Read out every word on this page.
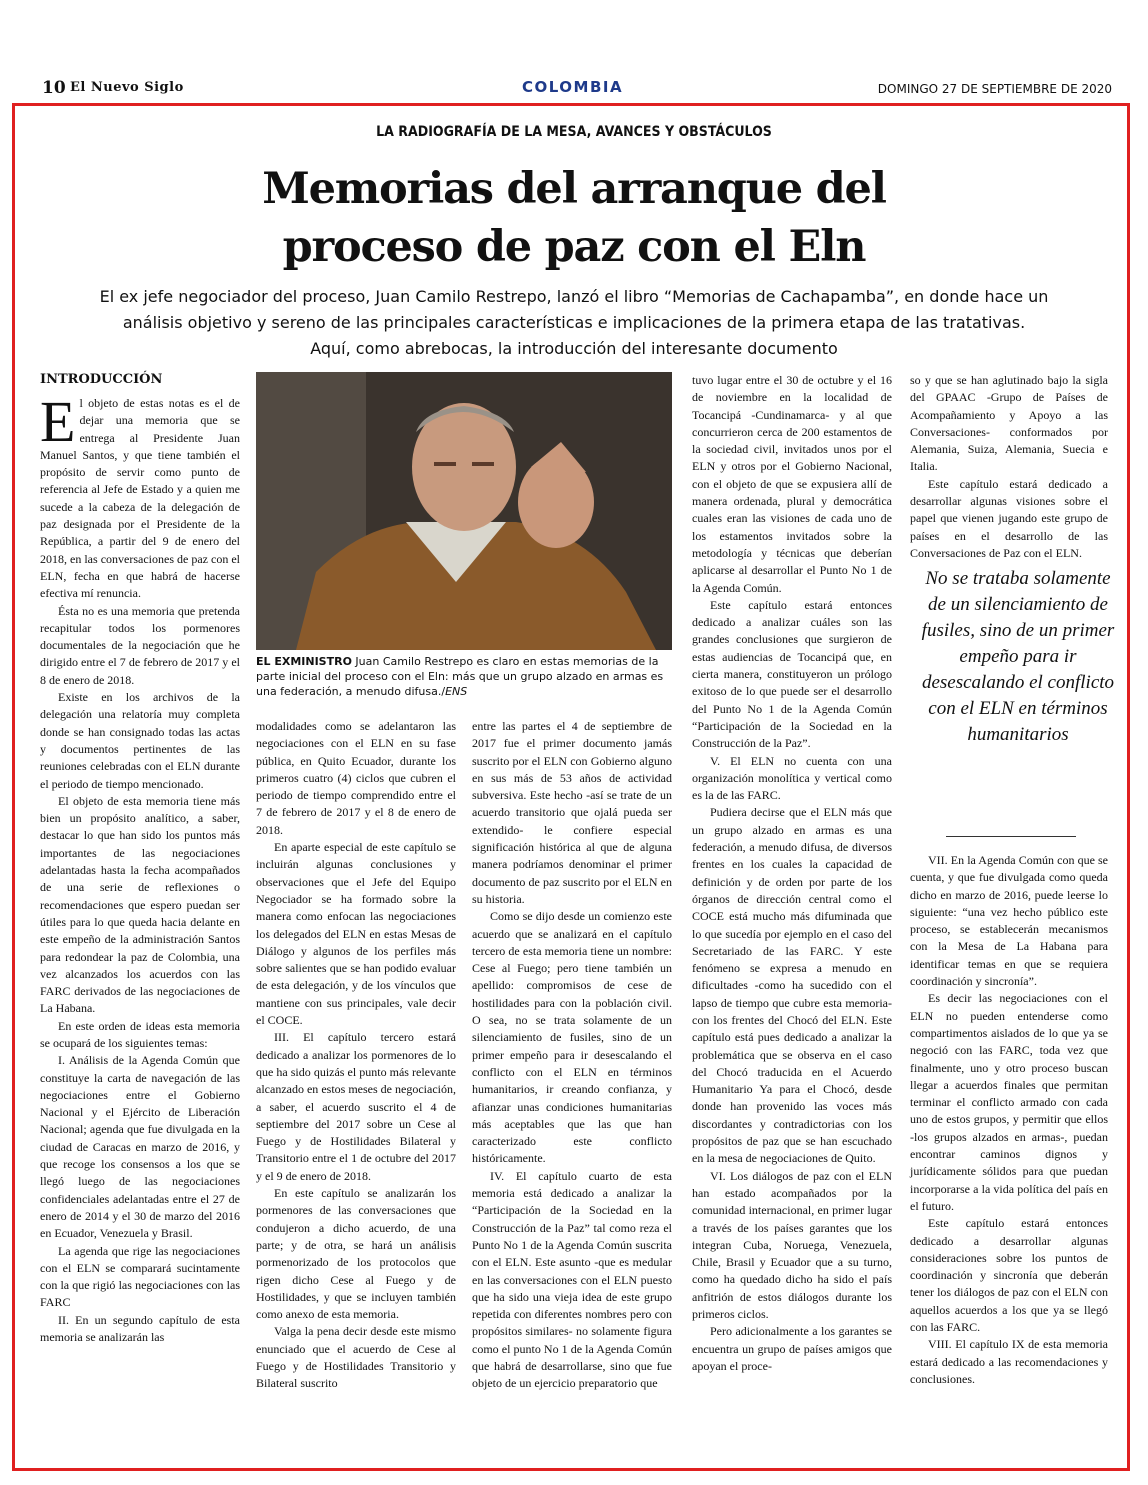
10 El Nuevo Siglo	COLOMBIA	DOMINGO 27 DE SEPTIEMBRE DE 2020
LA RADIOGRAFÍA DE LA MESA, AVANCES Y OBSTÁCULOS
Memorias del arranque del
proceso de paz con el Eln
El ex jefe negociador del proceso, Juan Camilo Restrepo, lanzó el libro “Memorias de Cachapamba”, en donde hace un
análisis objetivo y sereno de las principales características e implicaciones de la primera etapa de las tratativas.
Aquí, como abrebocas, la introducción del interesante documento
INTRODUCCIÓN

El objeto de estas notas es el de dejar una memoria que se entrega al Presidente Juan Manuel Santos, y que tiene también el propósito de servir como punto de referencia al Jefe de Estado y a quien me sucede a la cabeza de la delegación de paz designada por el Presidente de la República, a partir del 9 de enero del 2018, en las conversaciones de paz con el ELN, fecha en que habrá de hacerse efectiva mí renuncia.

Ésta no es una memoria que pretenda recapitular todos los pormenores documentales de la negociación que he dirigido entre el 7 de febrero de 2017 y el 8 de enero de 2018.

Existe en los archivos de la delegación una relatoría muy completa donde se han consignado todas las actas y documentos pertinentes de las reuniones celebradas con el ELN durante el periodo de tiempo mencionado.

El objeto de esta memoria tiene más bien un propósito analítico, a saber, destacar lo que han sido los puntos más importantes de las negociaciones adelantadas hasta la fecha acompañados de una serie de reflexiones o recomendaciones que espero puedan ser útiles para lo que queda hacia delante en este empeño de la administración Santos para redondear la paz de Colombia, una vez alcanzados los acuerdos con las FARC derivados de las negociaciones de La Habana.

En este orden de ideas esta memoria se ocupará de los siguientes temas:

I. Análisis de la Agenda Común que constituye la carta de navegación de las negociaciones entre el Gobierno Nacional y el Ejército de Liberación Nacional; agenda que fue divulgada en la ciudad de Caracas en marzo de 2016, y que recoge los consensos a los que se llegó luego de las negociaciones confidenciales adelantadas entre el 27 de enero de 2014 y el 30 de marzo del 2016 en Ecuador, Venezuela y Brasil.

La agenda que rige las negociaciones con el ELN se comparará sucintamente con la que rigió las negociaciones con las FARC

II. En un segundo capítulo de esta memoria se analizarán las

EL EXMINISTRO Juan Camilo Restrepo es claro en estas memorias de la parte inicial del proceso con el Eln: más que un grupo alzado en armas es una federación, a menudo difusa./ENS

modalidades como se adelantaron las negociaciones con el ELN en su fase pública, en Quito Ecuador, durante los primeros cuatro (4) ciclos que cubren el periodo de tiempo comprendido entre el 7 de febrero de 2017 y el 8 de enero de 2018.

En aparte especial de este capítulo se incluirán algunas conclusiones y observaciones que el Jefe del Equipo Negociador se ha formado sobre la manera como enfocan las negociaciones los delegados del ELN en estas Mesas de Diálogo y algunos de los perfiles más sobre salientes que se han podido evaluar de esta delegación, y de los vínculos que mantiene con sus principales, vale decir el COCE.

III. El capítulo tercero estará dedicado a analizar los pormenores de lo que ha sido quizás el punto más relevante alcanzado en estos meses de negociación, a saber, el acuerdo suscrito el 4 de septiembre del 2017 sobre un Cese al Fuego y de Hostilidades Bilateral y Transitorio entre el 1 de octubre del 2017 y el 9 de enero de 2018.

En este capítulo se analizarán los pormenores de las conversaciones que condujeron a dicho acuerdo, de una parte; y de otra, se hará un análisis pormenorizado de los protocolos que rigen dicho Cese al Fuego y de Hostilidades, y que se incluyen también como anexo de esta memoria.

Valga la pena decir desde este mismo enunciado que el acuerdo de Cese al Fuego y de Hostilidades Transitorio y Bilateral suscrito

entre las partes el 4 de septiembre de 2017 fue el primer documento jamás suscrito por el ELN con Gobierno alguno en sus más de 53 años de actividad subversiva. Este hecho -así se trate de un acuerdo transitorio que ojalá pueda ser extendido- le confiere especial significación histórica al que de alguna manera podríamos denominar el primer documento de paz suscrito por el ELN en su historia.

Como se dijo desde un comienzo este acuerdo que se analizará en el capítulo tercero de esta memoria tiene un nombre: Cese al Fuego; pero tiene también un apellido: compromisos de cese de hostilidades para con la población civil. O sea, no se trata solamente de un silenciamiento de fusiles, sino de un primer empeño para ir desescalando el conflicto con el ELN en términos humanitarios, ir creando confianza, y afianzar unas condiciones humanitarias más aceptables que las que han caracterizado este conflicto históricamente.

IV. El capítulo cuarto de esta memoria está dedicado a analizar la “Participación de la Sociedad en la Construcción de la Paz” tal como reza el Punto No 1 de la Agenda Común suscrita con el ELN. Este asunto -que es medular en las conversaciones con el ELN puesto que ha sido una vieja idea de este grupo repetida con diferentes nombres pero con propósitos similares- no solamente figura como el punto No 1 de la Agenda Común que habrá de desarrollarse, sino que fue objeto de un ejercicio preparatorio que

tuvo lugar entre el 30 de octubre y el 16 de noviembre en la localidad de Tocancipá -Cundinamarca- y al que concurrieron cerca de 200 estamentos de la sociedad civil, invitados unos por el ELN y otros por el Gobierno Nacional, con el objeto de que se expusiera allí de manera ordenada, plural y democrática cuales eran las visiones de cada uno de los estamentos invitados sobre la metodología y técnicas que deberían aplicarse al desarrollar el Punto No 1 de la Agenda Común.

Este capítulo estará entonces dedicado a analizar cuáles son las grandes conclusiones que surgieron de estas audiencias de Tocancipá que, en cierta manera, constituyeron un prólogo exitoso de lo que puede ser el desarrollo del Punto No 1 de la Agenda Común “Participación de la Sociedad en la Construcción de la Paz”.

V. El ELN no cuenta con una organización monolítica y vertical como es la de las FARC.

Pudiera decirse que el ELN más que un grupo alzado en armas es una federación, a menudo difusa, de diversos frentes en los cuales la capacidad de definición y de orden por parte de los órganos de dirección central como el COCE está mucho más difuminada que lo que sucedía por ejemplo en el caso del Secretariado de las FARC. Y este fenómeno se expresa a menudo en dificultades -como ha sucedido con el lapso de tiempo que cubre esta memoria- con los frentes del Chocó del ELN. Este capítulo está pues dedicado a analizar la problemática que se observa en el caso del Chocó traducida en el Acuerdo Humanitario Ya para el Chocó, desde donde han provenido las voces más discordantes y contradictorias con los propósitos de paz que se han escuchado en la mesa de negociaciones de Quito.

VI. Los diálogos de paz con el ELN han estado acompañados por la comunidad internacional, en primer lugar a través de los países garantes que los integran Cuba, Noruega, Venezuela, Chile, Brasil y Ecuador que a su turno, como ha quedado dicho ha sido el país anfitrión de estos diálogos durante los primeros ciclos.

Pero adicionalmente a los garantes se encuentra un grupo de países amigos que apoyan el proce-

so y que se han aglutinado bajo la sigla del GPAAC -Grupo de Países de Acompañamiento y Apoyo a las Conversaciones- conformados por Alemania, Suiza, Alemania, Suecia e Italia.

Este capítulo estará dedicado a desarrollar algunas visiones sobre el papel que vienen jugando este grupo de países en el desarrollo de las Conversaciones de Paz con el ELN.

No se trataba solamente de un silenciamiento de fusiles, sino de un primer empeño para ir desescalando el conflicto con el ELN en términos humanitarios

VII. En la Agenda Común con que se cuenta, y que fue divulgada como queda dicho en marzo de 2016, puede leerse lo siguiente: “una vez hecho público este proceso, se establecerán mecanismos con la Mesa de La Habana para identificar temas en que se requiera coordinación y sincronía”.

Es decir las negociaciones con el ELN no pueden entenderse como compartimentos aislados de lo que ya se negoció con las FARC, toda vez que finalmente, uno y otro proceso buscan llegar a acuerdos finales que permitan terminar el conflicto armado con cada uno de estos grupos, y permitir que ellos -los grupos alzados en armas-, puedan encontrar caminos dignos y jurídicamente sólidos para que puedan incorporarse a la vida política del país en el futuro.

Este capítulo estará entonces dedicado a desarrollar algunas consideraciones sobre los puntos de coordinación y sincronía que deberán tener los diálogos de paz con el ELN con aquellos acuerdos a los que ya se llegó con las FARC.

VIII. El capítulo IX de esta memoria estará dedicado a las recomendaciones y conclusiones.
